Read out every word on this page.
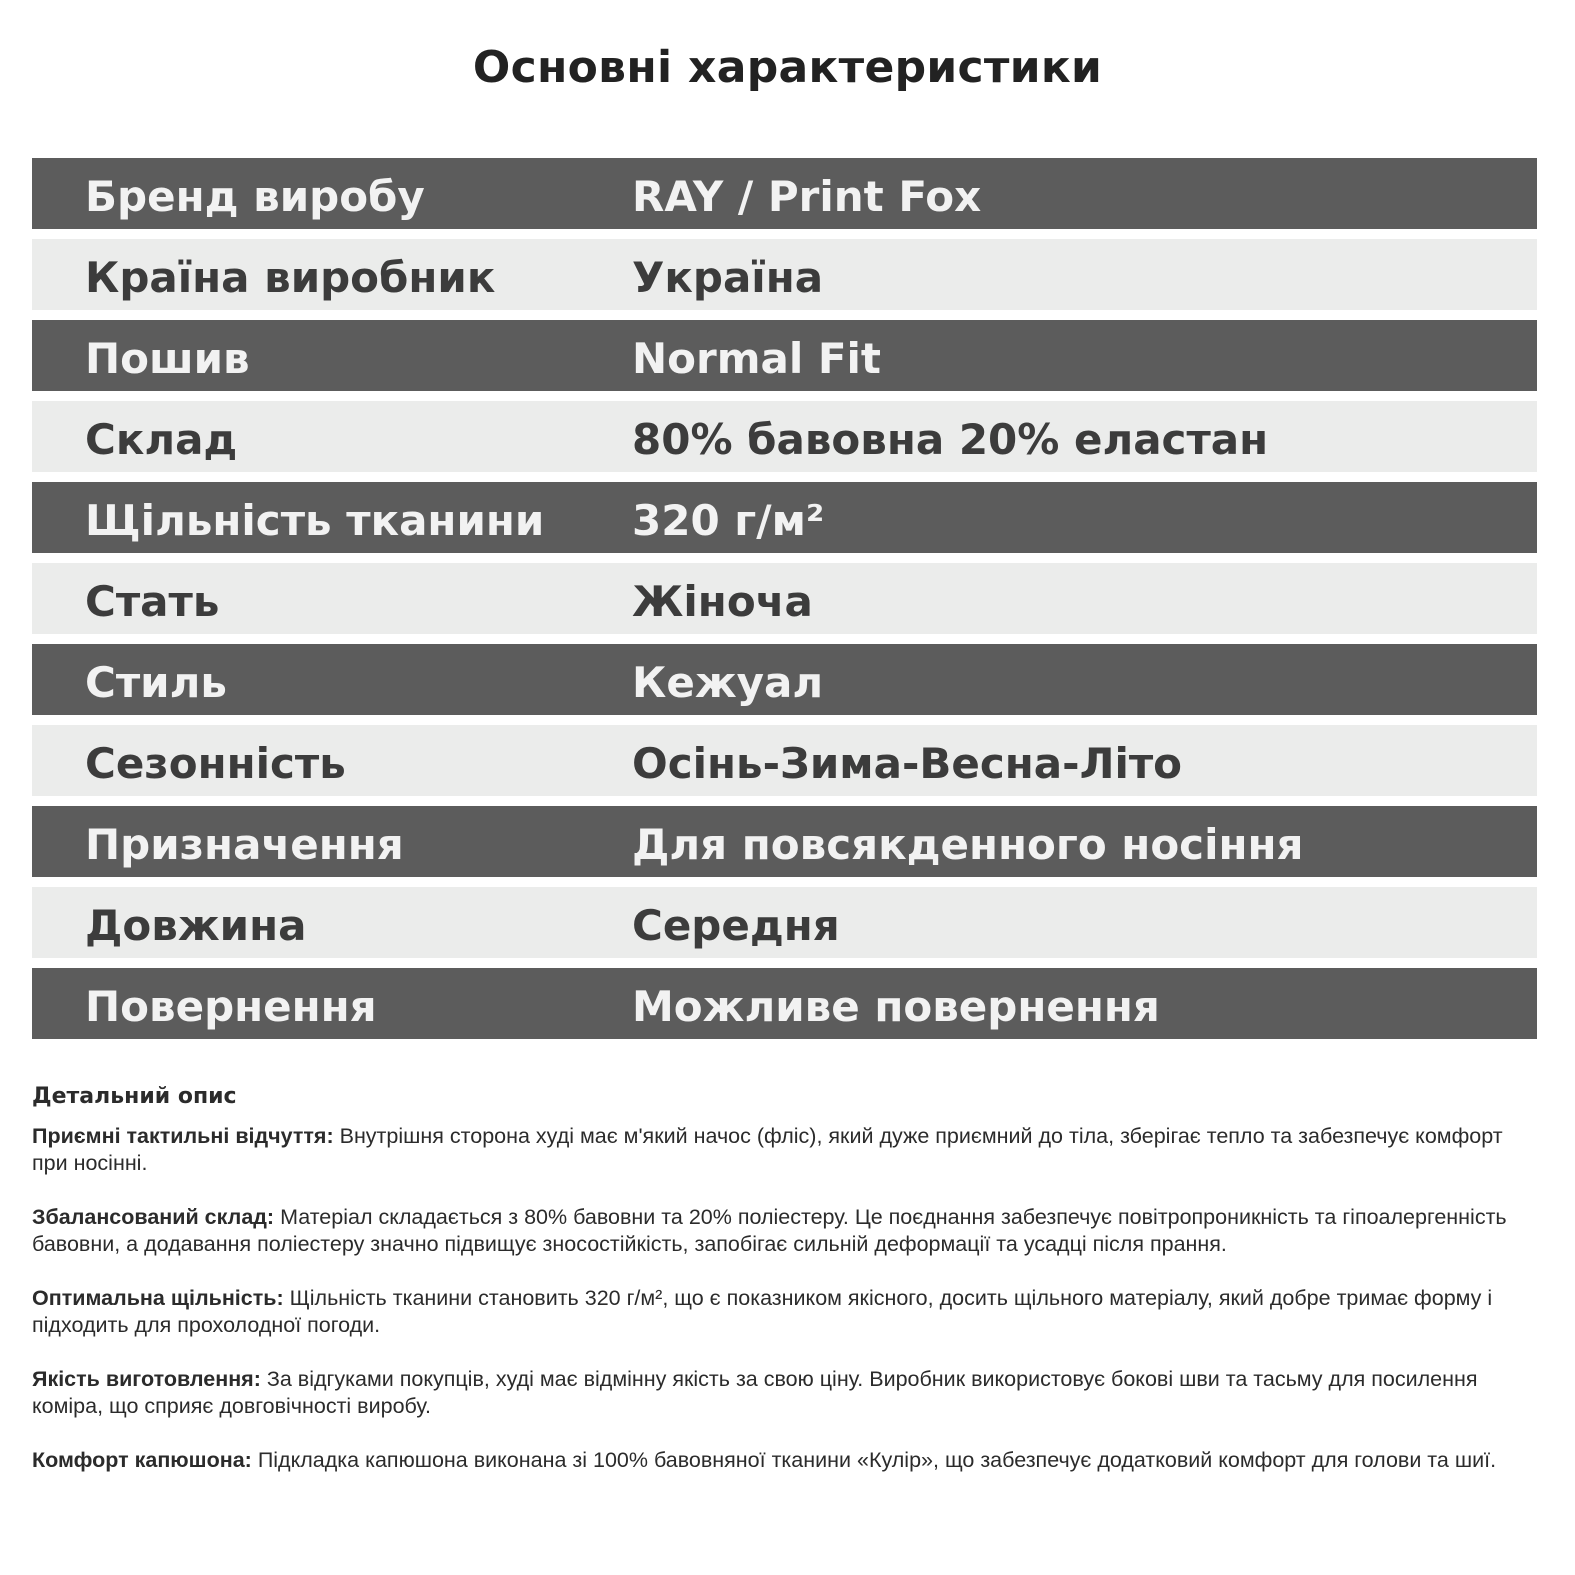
Основні характеристики
Бренд виробу	RAY / Print Fox
Країна виробник	Україна
Пошив	Normal Fit
Склад	80% бавовна 20% еластан
Щільність тканини 320 г/м²
Стать	Жіноча
Стиль	Кежуал
Сезонність	Осінь-Зима-Весна-Літо
Призначення	Для повсякденного носіння
Довжина	Середня
Повернення	Можливе повернення
Детальний опис

Приємні тактильні відчуття: Внутрішня сторона худі має м'який начос (фліс), який дуже приємний до тіла, зберігає тепло та забезпечує комфорт при носінні.

Збалансований склад: Матеріал складається з 80% бавовни та 20% поліестеру. Це поєднання забезпечує повітропроникність та гіпоалергенність бавовни, а додавання поліестеру значно підвищує зносостійкість, запобігає сильній деформації та усадці після прання.

Оптимальна щільність: Щільність тканини становить 320 г/м², що є показником якісного, досить щільного матеріалу, який добре тримає форму і підходить для прохолодної погоди.

Якість виготовлення: За відгуками покупців, худі має відмінну якість за свою ціну. Виробник використовує бокові шви та тасьму для посилення коміра, що сприяє довговічності виробу.

Комфорт капюшона: Підкладка капюшона виконана зі 100% бавовняної тканини «Кулір», що забезпечує додатковий комфорт для голови та шиї.
